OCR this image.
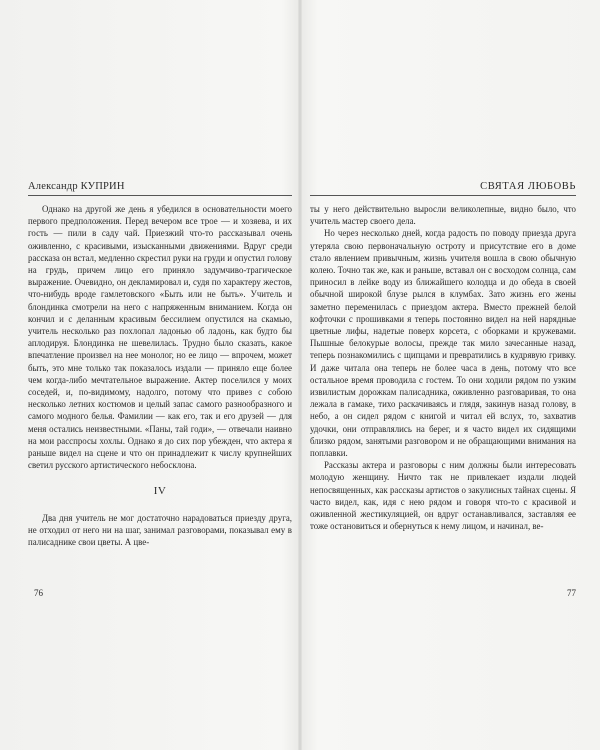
Александр КУПРИН

Однако на другой же день я убедился в основательности моего первого предположения. Перед вечером все трое — и хозяева, и их гость — пили в саду чай. Приезжий что-то рассказывал очень оживленно, с красивыми, изысканными движениями. Вдруг среди рассказа он встал, медленно скрестил руки на груди и опустил голову на грудь, причем лицо его приняло задумчиво-трагическое выражение. Очевидно, он декламировал и, судя по характеру жестов, что-нибудь вроде гамлетовского «Быть или не быть». Учитель и блондинка смотрели на него с напряженным вниманием. Когда он кончил и с деланным красивым бессилием опустился на скамью, учитель несколько раз похлопал ладонью об ладонь, как будто бы аплодируя. Блондинка не шевелилась. Трудно было сказать, какое впечатление произвел на нее монолог, но ее лицо — впрочем, может быть, это мне только так показалось издали — приняло еще более чем когда-либо мечтательное выражение. Актер поселился у моих соседей, и, по-видимому, надолго, потому что привез с собою несколько летних костюмов и целый запас самого разнообразного и самого модного белья. Фамилии — как его, так и его друзей — для меня остались неизвестными. «Паны, тай годи», — отвечали наивно на мои расспросы хохлы. Однако я до сих пор убежден, что актера я раньше видел на сцене и что он принадлежит к числу крупнейших светил русского артистического небосклона.

IV

Два дня учитель не мог достаточно нарадоваться приезду друга, не отходил от него ни на шаг, занимал разговорами, показывал ему в палисаднике свои цветы. А цве-

76
СВЯТАЯ ЛЮБОВЬ

ты у него действительно выросли великолепные, видно было, что учитель мастер своего дела.

Но через несколько дней, когда радость по поводу приезда друга утеряла свою первоначальную остроту и присутствие его в доме стало явлением привычным, жизнь учителя вошла в свою обычную колею. Точно так же, как и раньше, вставал он с восходом солнца, сам приносил в лейке воду из ближайшего колодца и до обеда в своей обычной широкой блузе рылся в клумбах. Зато жизнь его жены заметно переменилась с приездом актера. Вместо прежней белой кофточки с прошивками я теперь постоянно видел на ней нарядные цветные лифы, надетые поверх корсета, с оборками и кружевами. Пышные белокурые волосы, прежде так мило зачесанные назад, теперь познакомились с щипцами и превратились в кудрявую гривку. И даже читала она теперь не более часа в день, потому что все остальное время проводила с гостем. То они ходили рядом по узким извилистым дорожкам палисадника, оживленно разговаривая, то она лежала в гамаке, тихо раскачиваясь и глядя, закинув назад голову, в небо, а он сидел рядом с книгой и читал ей вслух, то, захватив удочки, они отправлялись на берег, и я часто видел их сидящими близко рядом, занятыми разговором и не обращающими внимания на поплавки.

Рассказы актера и разговоры с ним должны были интересовать молодую женщину. Ничто так не привлекает издали людей непосвященных, как рассказы артистов о закулисных тайнах сцены. Я часто видел, как, идя с нею рядом и говоря что-то с красивой и оживленной жестикуляцией, он вдруг останавливался, заставляя ее тоже остановиться и обернуться к нему лицом, и начинал, ве-

77
